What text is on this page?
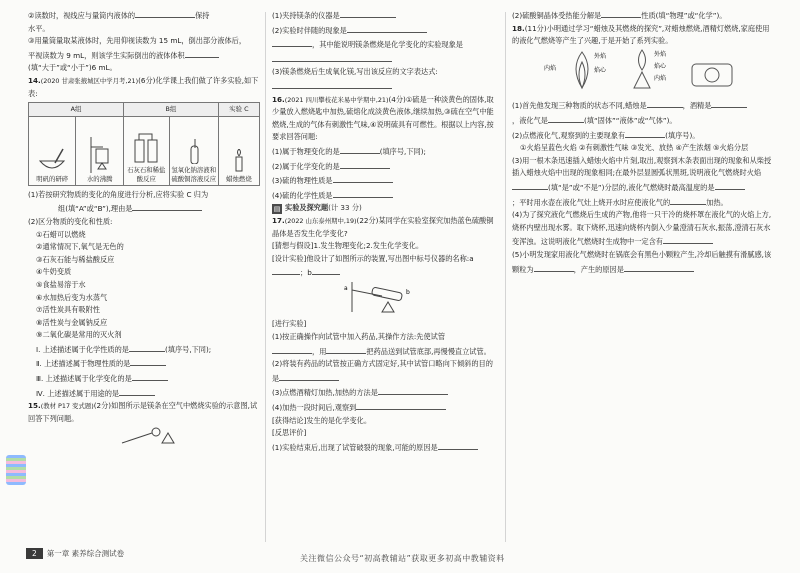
②读数时，视线应与量筒内液体的	保持

水平。

③用量筒量取某液体时，先用仰视读数为 15 mL，倒出部分液体后，

平视读数为 9 mL，则该学生实际倒出的液体体积

(填“大于”或“小于”)6 mL。

14.(2020 甘肃张掖城区中学月考,21)(6分)化学课上我们做了许多实验,如下表:

A组		B组		实验 C

明矾的研碎	水的沸腾	石灰石和稀盐酸反应	氢氧化钠溶液和硫酸铜溶液反应	蜡烛燃烧

(1)若按研究物质的变化的角度进行分析,应将实验 C 归为

组(填“A”或“B”),理由是

(2)区分物质的变化和性质:

①石蜡可以燃烧

②通常情况下,氧气是无色的

③石灰石能与稀盐酸反应

④牛奶变质

⑤食盐易溶于水

⑥水加热后变为水蒸气

⑦活性炭具有吸附性

⑧活性炭与金属钠反应

⑨二氧化碳是常用的灭火剂

Ⅰ. 上述描述属于化学性质的是	(填序号,下同);

Ⅱ. 上述描述属于物理性质的是

Ⅲ. 上述描述属于化学变化的是

Ⅳ. 上述描述属于用途的是

15.(教材 P17 变式题)(2分)如图所示是镁条在空气中燃烧实验的示意图,试回答下列问题。

(1)夹持镁条的仪器是

(2)实验时伴随的现象是

，其中能说明镁条燃烧是化学变化的实验现象是

(3)镁条燃烧后生成氧化镁,写出该反应的文字表达式:

16.(2021 四川攀枝花米易中学期中,21)(4分)①硫是一种淡黄色的固体,取少量放入燃烧匙中加热,硫熔化成淡黄色液体,继续加热,③硫在空气中能燃烧,生成的气体有刺激性气味,④说明硫具有可燃性。根据以上内容,按要求回答问题:

(1)属于物理变化的是	(填序号,下同);

(2)属于化学变化的是

(3)硫的物理性质是

(4)硫的化学性质是

▤ 实验及探究题 (计 33 分)

17.(2022 山东泰州期中,19)(22分)某同学在实验室探究加热蓝色硫酸铜晶体是否发生化学变化?

[猜想与假设]1.发生物理变化;2.发生化学变化。

[设计实验]他设计了如图所示的装置,写出图中标号仪器的名称:a；b

a
b

[进行实验]

(1)按正确操作向试管中加入药品,其操作方法:先使试管

，用	把药品送到试管底部,再慢慢直立试管。

(2)将装有药品的试管按正确方式固定好,其中试管口略向下倾斜的目的是

(3)点燃酒精灯加热,加热的方法是

(4)加热一段时间后,观察到

[获得结论]发生的是化学变化。

[反思评价]

(1)实验结束后,出现了试管破裂的现象,可能的原因是

(2)硫酸铜晶体受热能分解是	性质(填“物理”或“化学”)。

18.(11分)小明通过学习“蜡烛及其燃烧的探究”,对蜡烛燃烧,酒精灯燃烧,家庭使用的液化气燃烧等产生了兴趣,于是开始了系列实验。

内焰
外焰
焰心
外焰
焰心
内焰

(1)首先他发现三种物质的状态不同,蜡烛是	，酒精是

，液化气是	(填“固体”“液体”或“气体”)。

(2)点燃液化气,观察到的主要现象有	(填序号)。

①火焰呈蓝色火焰 ②有刺激性气味 ③发光、放热 ④产生浓烟 ⑤火焰分层

(3)用一根木条迅速插入蜡烛火焰中片刻,取出,观察到木条表面出现的现象和从柴授插入蜡烛火焰中出现的现象相同;在最外层显圆弧状黑斑,说明液化气燃烧时火焰

(填“是”或“不是”)分层的,液化气燃烧时最高温度的是

；平时用水壶在液化气灶上烧开水时应使液化气的	加热。

(4)为了探究液化气燃烧后生成的产物,他将一只干冷的烧杯罩在液化气的火焰上方,烧杯内壁出现水雾。取下烧杯,迅速向烧杯内倒入少量澄清石灰水,振荡,澄清石灰水变浑浊。这说明液化气燃烧时生成物中一定含有

(5)小明发现家用液化气燃烧时在锅底会有黑色小颗粒产生,冷却后触摸有滑腻感,该颗粒为	，产生的原因是

2	第一章 素养综合测试卷
关注微信公众号“初高教辅站”获取更多初高中教辅资料
